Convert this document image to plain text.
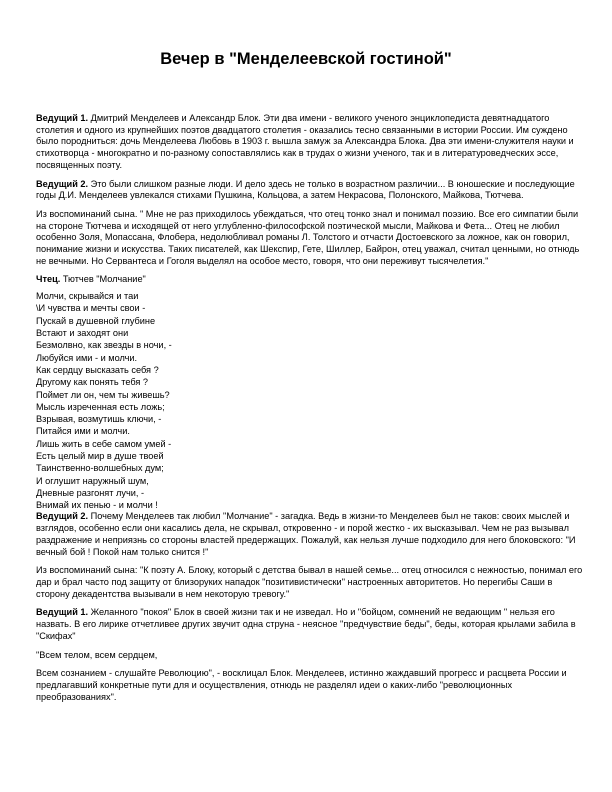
Вечер в "Менделеевской гостиной"

Ведущий 1. Дмитрий Менделеев и Александр Блок. Эти два имени - великого ученого энциклопедиста девятнадцатого столетия и одного из крупнейших поэтов двадцатого столетия - оказались тесно связанными в истории России. Им суждено было породниться: дочь Менделеева Любовь в 1903 г. вышла замуж за Александра Блока. Два эти имени-служителя науки и стихотворца - многократно и по-разному сопоставлялись как в трудах о жизни ученого, так и в литературоведческих эссе, посвященных поэту.

Ведущий 2. Это были слишком разные люди. И дело здесь не только в возрастном различии... В юношеские и последующие годы Д.И. Менделеев увлекался стихами Пушкина, Кольцова, а затем Некрасова, Полонского, Майкова, Тютчева.

Из воспоминаний сына. " Мне не раз приходилось убеждаться, что отец тонко знал и понимал поэзию. Все его симпатии были на стороне Тютчева и исходящей от него углубленно-философской поэтической мысли, Майкова и Фета... Отец не любил особенно Золя, Мопассана, Флобера, недолюбливал романы Л. Толстого и отчасти Достоевского за ложное, как он говорил, понимание жизни и искусства. Таких писателей, как Шекспир, Гете, Шиллер, Байрон, отец уважал, считал ценными, но отнюдь не вечными. Но Сервантеса и Гоголя выделял на особое место, говоря, что они переживут тысячелетия."

Чтец. Тютчев "Молчание"

Молчи, скрывайся и таи
\И чувства и мечты свои -
Пускай в душевной глубине
Встают и заходят они
Безмолвно, как звезды в ночи, -
Любуйся ими - и молчи.
Как сердцу высказать себя ?
Другому как понять тебя ?
Поймет ли он, чем ты живешь?
Мысль изреченная есть ложь;
Взрывая, возмутишь ключи, -
Питайся ими и молчи.
Лишь жить в себе самом умей -
Есть целый мир в душе твоей
Таинственно-волшебных дум;
И оглушит наружный шум,
Дневные разгонят лучи, -
Внимай их пенью - и молчи !

Ведущий 2. Почему Менделеев так любил "Молчание" - загадка. Ведь в жизни-то Менделеев был не таков: своих мыслей и взглядов, особенно если они касались дела, не скрывал, откровенно - и порой жестко - их высказывал. Чем не раз вызывал раздражение и неприязнь со стороны властей предержащих. Пожалуй, как нельзя лучше подходило для него блоковского: "И вечный бой ! Покой нам только снится !"

Из воспоминаний сына: "К поэту А. Блоку, который с детства бывал в нашей семье... отец относился с нежностью, понимал его дар и брал часто под защиту от близоруких нападок "позитивистически" настроенных авторитетов. Но перегибы Саши в сторону декадентства вызывали в нем некоторую тревогу."

Ведущий 1. Желанного "покоя" Блок в своей жизни так и не изведал. Но и "бойцом, сомнений не ведающим " нельзя его назвать. В его лирике отчетливее других звучит одна струна - неясное "предчувствие беды", беды, которая крылами забила в "Скифах"

"Всем телом, всем сердцем,

Всем сознанием - слушайте Революцию", - восклицал Блок. Менделеев, истинно жаждавший прогресс и расцвета России и предлагавший конкретные пути для и осуществления, отнюдь не разделял идеи о каких-либо "революционных преобразованиях".
